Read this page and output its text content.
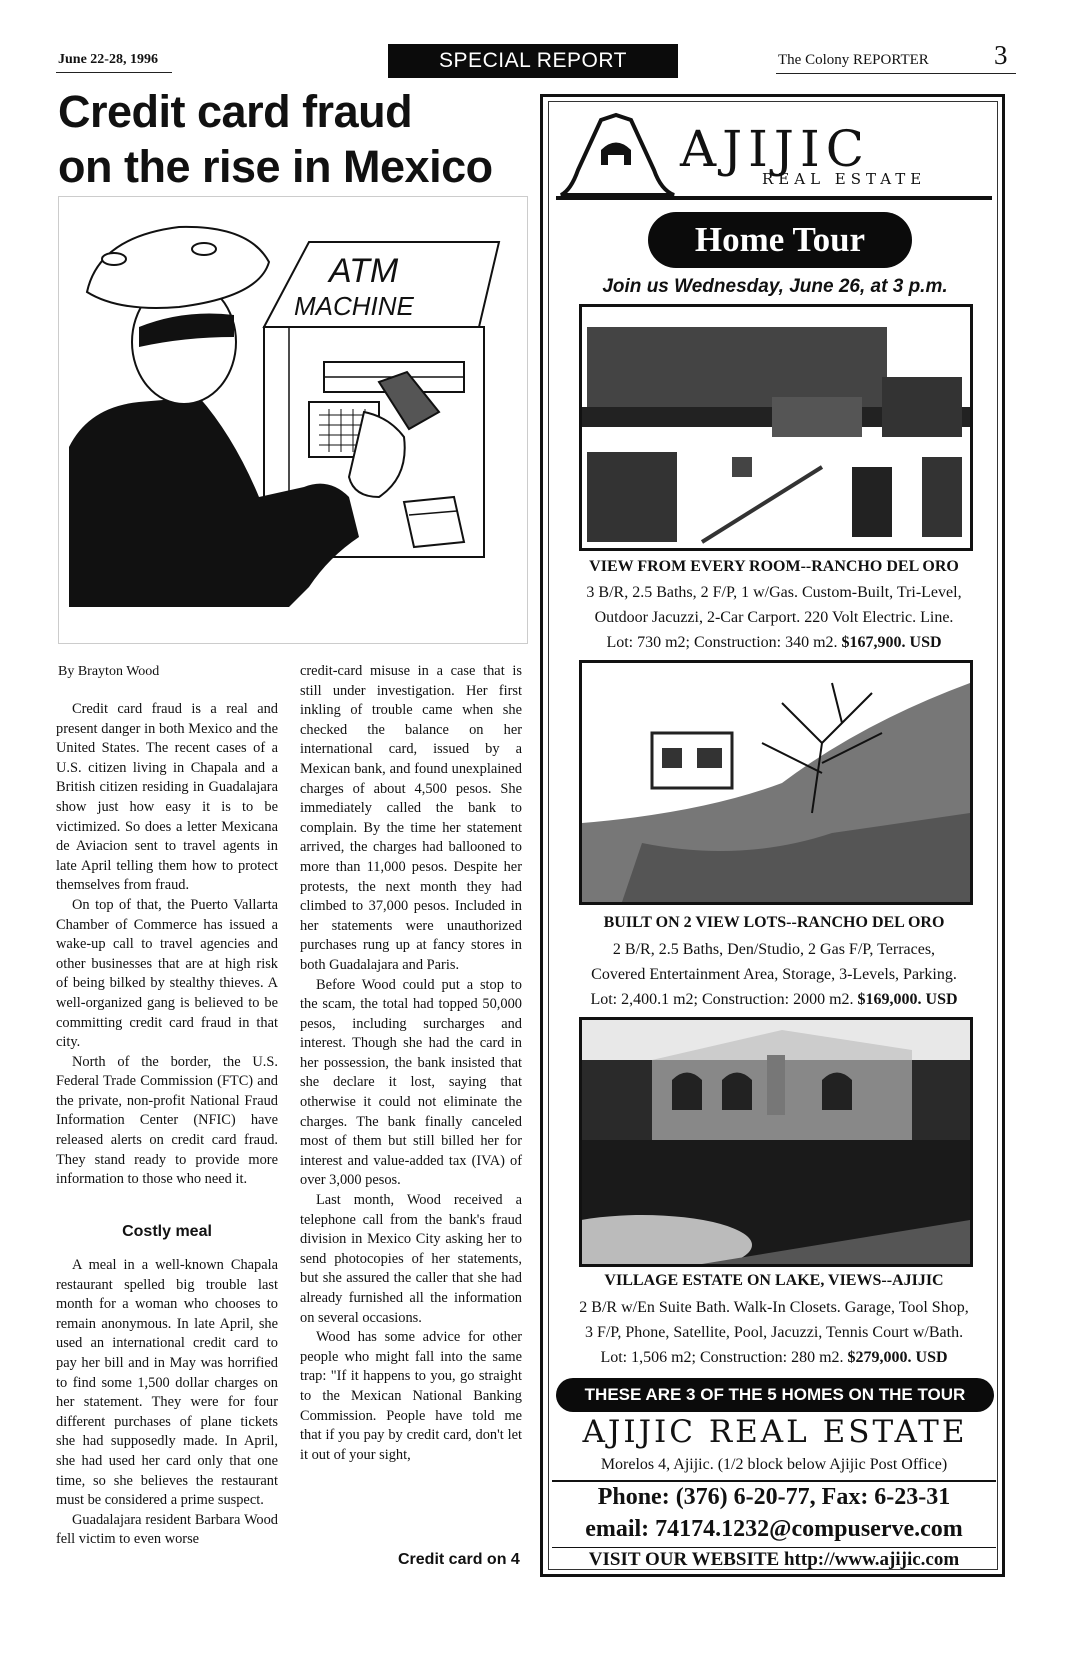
June 22-28, 1996	SPECIAL REPORT	The Colony REPORTER 3
Credit card fraud
on the rise in Mexico
ATM
MACHINE
By Brayton Wood

Credit card fraud is a real and present danger in both Mexico and the United States. The recent cases of a U.S. citizen living in Chapala and a British citizen residing in Guadalajara show just how easy it is to be victimized. So does a letter Mexicana de Aviacion sent to travel agents in late April telling them how to protect themselves from fraud.

On top of that, the Puerto Vallarta Chamber of Commerce has issued a wake-up call to travel agencies and other businesses that are at high risk of being bilked by stealthy thieves. A well-organized gang is believed to be committing credit card fraud in that city.

North of the border, the U.S. Federal Trade Commission (FTC) and the private, non-profit National Fraud Information Center (NFIC) have released alerts on credit card fraud. They stand ready to provide more information to those who need it.

Costly meal

A meal in a well-known Chapala restaurant spelled big trouble last month for a woman who chooses to remain anonymous. In late April, she used an international credit card to pay her bill and in May was horrified to find some 1,500 dollar charges on her statement. They were for four different purchases of plane tickets she had supposedly made. In April, she had used her card only that one time, so she believes the restaurant must be considered a prime suspect.

Guadalajara resident Barbara Wood fell victim to even worse

credit-card misuse in a case that is still under investigation. Her first inkling of trouble came when she checked the balance on her international card, issued by a Mexican bank, and found unexplained charges of about 4,500 pesos. She immediately called the bank to complain. By the time her statement arrived, the charges had ballooned to more than 11,000 pesos. Despite her protests, the next month they had climbed to 37,000 pesos. Included in her statements were unauthorized purchases rung up at fancy stores in both Guadalajara and Paris.

Before Wood could put a stop to the scam, the total had topped 50,000 pesos, including surcharges and interest. Though she had the card in her possession, the bank insisted that she declare it lost, saying that otherwise it could not eliminate the charges. The bank finally canceled most of them but still billed her for interest and value-added tax (IVA) of over 3,000 pesos.

Last month, Wood received a telephone call from the bank's fraud division in Mexico City asking her to send photocopies of her statements, but she assured the caller that she had already furnished all the information on several occasions.

Wood has some advice for other people who might fall into the same trap: "If it happens to you, go straight to the Mexican National Banking Commission. People have told me that if you pay by credit card, don't let it out of your sight,

Credit card on 4
AJIJIC
REAL ESTATE
Home Tour
Join us Wednesday, June 26, at 3 p.m.
VIEW FROM EVERY ROOM--RANCHO DEL ORO
3 B/R, 2.5 Baths, 2 F/P, 1 w/Gas. Custom-Built, Tri-Level,
Outdoor Jacuzzi, 2-Car Carport. 220 Volt Electric. Line.
Lot: 730 m2; Construction: 340 m2. $167,900. USD
BUILT ON 2 VIEW LOTS--RANCHO DEL ORO
2 B/R, 2.5 Baths, Den/Studio, 2 Gas F/P, Terraces,
Covered Entertainment Area, Storage, 3-Levels, Parking.
Lot: 2,400.1 m2; Construction: 2000 m2. $169,000. USD
VILLAGE ESTATE ON LAKE, VIEWS--AJIJIC
2 B/R w/En Suite Bath. Walk-In Closets. Garage, Tool Shop,
3 F/P, Phone, Satellite, Pool, Jacuzzi, Tennis Court w/Bath.
Lot: 1,506 m2; Construction: 280 m2. $279,000. USD
THESE ARE 3 OF THE 5 HOMES ON THE TOUR
AJIJIC REAL ESTATE
Morelos 4, Ajijic. (1/2 block below Ajijic Post Office)
Phone: (376) 6-20-77, Fax: 6-23-31
email: 74174.1232@compuserve.com
VISIT OUR WEBSITE http://www.ajijic.com
